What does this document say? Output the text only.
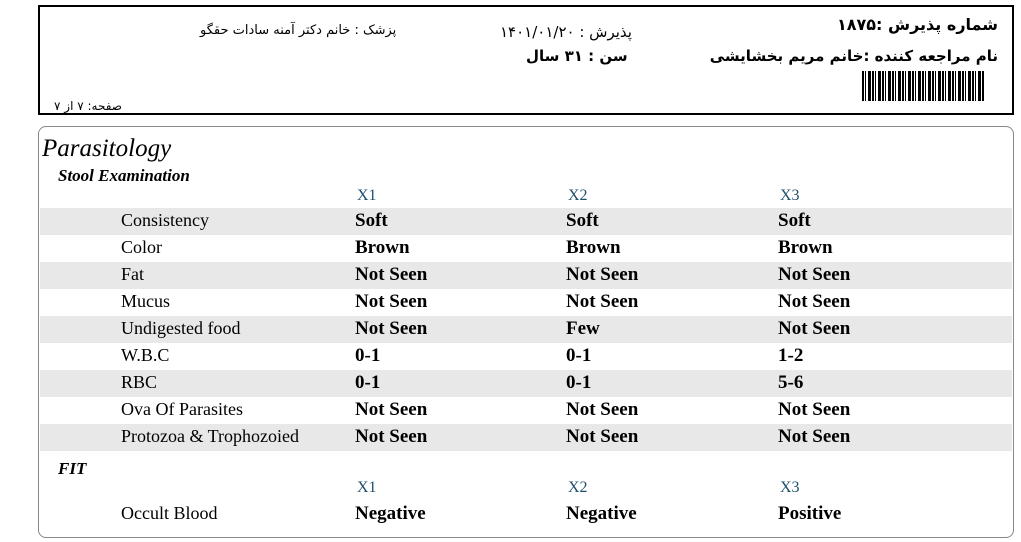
شماره پذیرش :۱۸۷۵
نام مراجعه کننده :خانم مریم بخشایشی
پذیرش : ۱۴۰۱/۰۱/۲۰
سن : ۳۱ سال
پزشک : خانم دکتر آمنه سادات حقگو
صفحه: ۷ از ۷
Parasitology
Stool Examination
X1	X2	X3
Consistency	Soft	Soft	Soft
Color	Brown	Brown	Brown
Fat	Not Seen	Not Seen	Not Seen
Mucus	Not Seen	Not Seen	Not Seen
Undigested food	Not Seen	Few	Not Seen
W.B.C	0-1	0-1	1-2
RBC	0-1	0-1	5-6
Ova Of Parasites	Not Seen	Not Seen	Not Seen
Protozoa & Trophozoied	Not Seen	Not Seen	Not Seen
FIT
X1	X2	X3
Occult Blood	Negative	Negative	Positive
